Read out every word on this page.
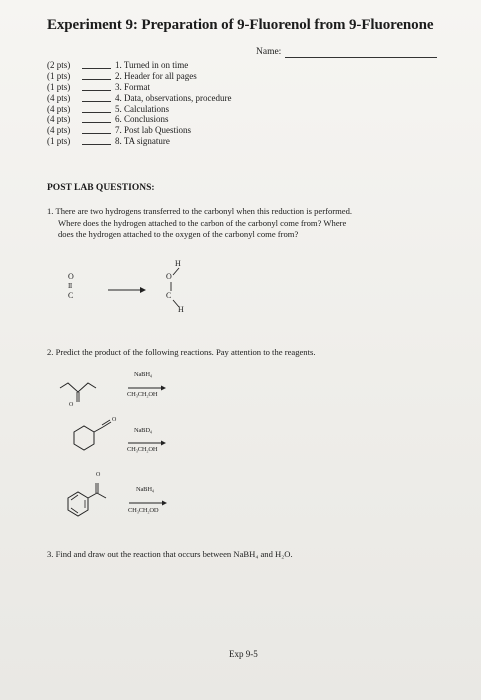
Experiment 9: Preparation of 9-Fluorenol from 9-Fluorenone
Name:
(2 pts)	1. Turned in on time
(1 pts)	2. Header for all pages
(1 pts)	3. Format
(4 pts)	4. Data, observations, procedure
(4 pts)	5. Calculations
(4 pts)	6. Conclusions
(4 pts)	7. Post lab Questions
(1 pts)	8. TA signature
POST LAB QUESTIONS:
1. There are two hydrogens transferred to the carbonyl when this reduction is performed.
Where does the hydrogen attached to the carbon of the carbonyl come from? Where
does the hydrogen attached to the oxygen of the carbonyl come from?
O
II
C
H
O
C
H
2. Predict the product of the following reactions. Pay attention to the reagents.
O
NaBH₄
CH₃CH₂OH
O
NaBD₄
CH₃CH₂OH
O
NaBH₄
CH₃CH₂OD
3. Find and draw out the reaction that occurs between NaBH₄ and H₂O.
Exp 9-5
